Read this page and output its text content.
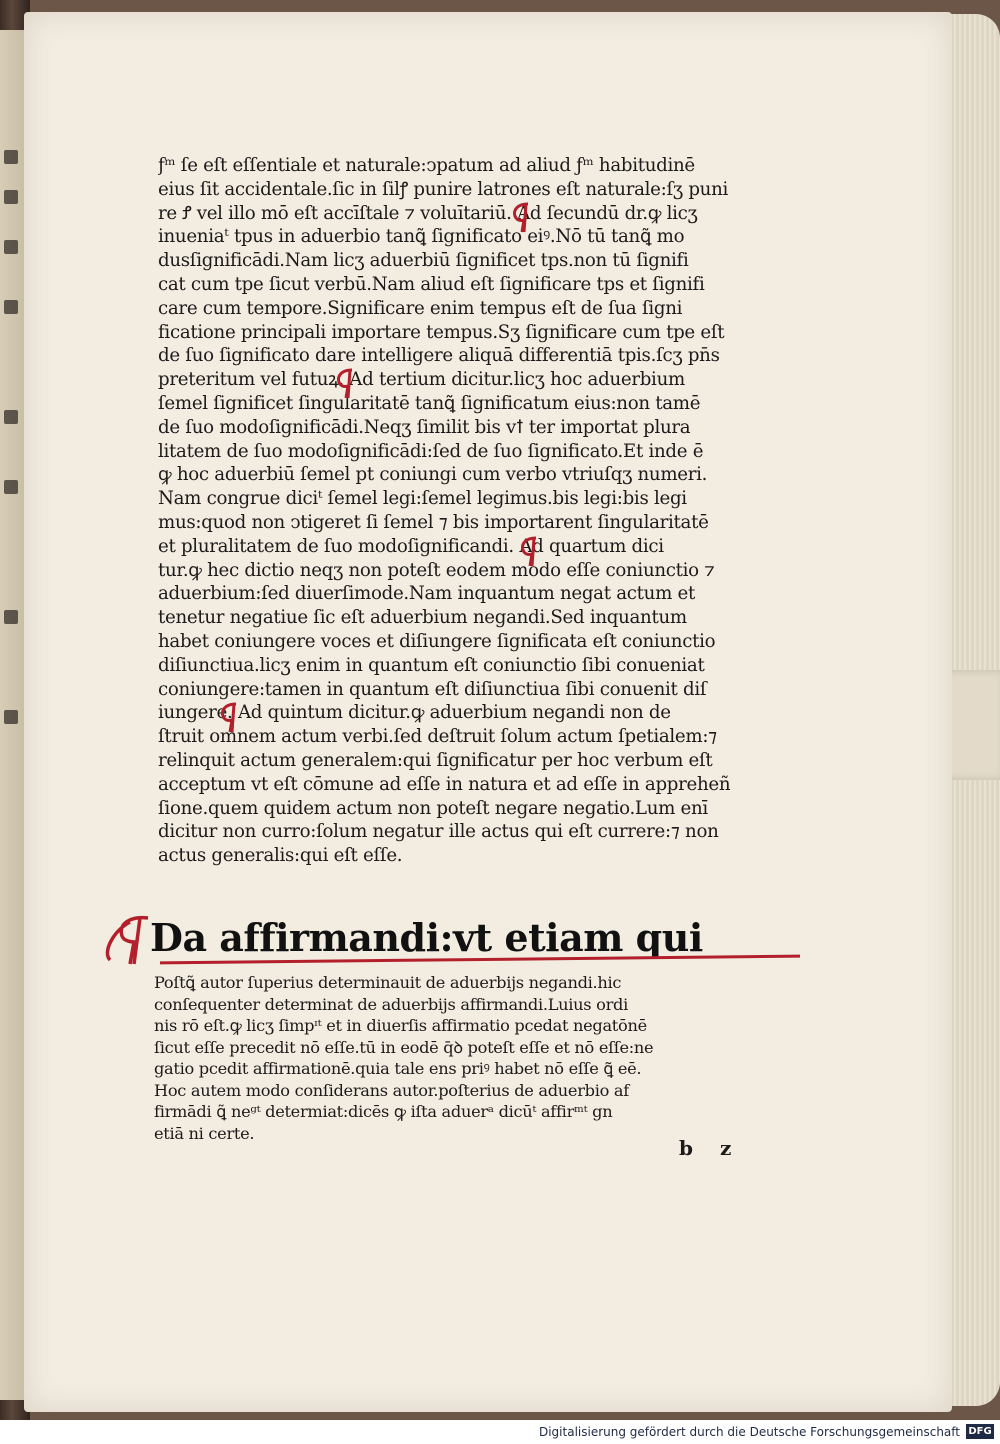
ƒᵐ ſe eſt eſſentiale et naturale:ↄpatum ad aliud ƒᵐ habitudinē
eius ſit accidentale.ſic in ſilꝭ punire latrones eſt naturale:ſʒ puni
re Ꝭ vel illo mō eſt accīſtale ⁊ voluītariū. Ad ſecundū dr.ꝙ licʒ
inueniaᵗ tpus in aduerbio tanꝗ̃ ſignificato eiꝰ.Nō tū tanꝗ̃ mo
dusſignificādi.Nam licʒ aduerbiū ſignificet tps.non tū ſignifi
cat cum tpe ſicut verbū.Nam aliud eſt ſignificare tps et ſignifi
care cum tempore.Significare enim tempus eſt de ſua ſigni
ficatione principali importare tempus.Sʒ ſignificare cum tpe eſt
de ſuo ſignificato dare intelligere aliquā differentiā tpis.ſcʒ pn̄s
preteritum vel futuꝝ. Ad tertium dicitur.licʒ hoc aduerbium
ſemel ſignificet ſingularitatē tanꝗ̃ ſignificatum eius:non tamē
de ſuo modoſignificādi.Neqʒ ſimilit bis vꝉ ter importat plura
litatem de ſuo modoſignificādi:ſed de ſuo ſignificato.Et inde ē
ꝙ hoc aduerbiū ſemel pt coniungi cum verbo vtriuſqʒ numeri.
Nam congrue diciᵗ ſemel legi:ſemel legimus.bis legi:bis legi
mus:quod non ↄtigeret ſi ſemel ⁊ bis importarent ſingularitatē
et pluralitatem de ſuo modoſignificandi. Ad quartum dici
tur.ꝙ hec dictio neqʒ non poteſt eodem modo eſſe coniunctio ⁊
aduerbium:ſed diuerſimode.Nam inquantum negat actum et
tenetur negatiue ſic eſt aduerbium negandi.Sed inquantum
habet coniungere voces et diſiungere ſignificata eſt coniunctio
diſiunctiua.licʒ enim in quantum eſt coniunctio ſibi conueniat
coniungere:tamen in quantum eſt diſiunctiua ſibi conuenit diſ
iungere. Ad quintum dicitur.ꝙ aduerbium negandi non de
ſtruit omnem actum verbi.ſed deſtruit ſolum actum ſpetialem:⁊
relinquit actum generalem:qui ſignificatur per hoc verbum eſt
acceptum vt eſt cōmune ad eſſe in natura et ad eſſe in appreheñ
ſione.quem quidem actum non poteſt negare negatio.Lum enī
dicitur non curro:ſolum negatur ille actus qui eſt currere:⁊ non
actus generalis:qui eſt eſſe.
Da affirmandi:vt etiam qui
Poſtꝗ̃ autor ſuperius determinauit de aduerbijs negandi.hic
conſequenter determinat de aduerbijs affirmandi.Luius ordi
nis rō eſt.ꝙ licʒ ſimpᶦᵗ et in diuerſis affirmatio pcedat negatōnē
ſicut eſſe precedit nō eſſe.tū in eodē q̄ꝺ poteſt eſſe et nō eſſe:ne
gatio pcedit affirmationē.quia tale ens priꝰ habet nō eſſe ꝗ̃ eē.
Hoc autem modo conſiderans autor.poſterius de aduerbio af
firmādi ꝗ̃ neᵍᵗ determiat:dicēs ꝙ iſta aduerᵃ dicūᵗ affirᵐᵗ gn
etiā ni certe.
b z
Digitalisierung gefördert durch die Deutsche Forschungsgemeinschaft DFG
